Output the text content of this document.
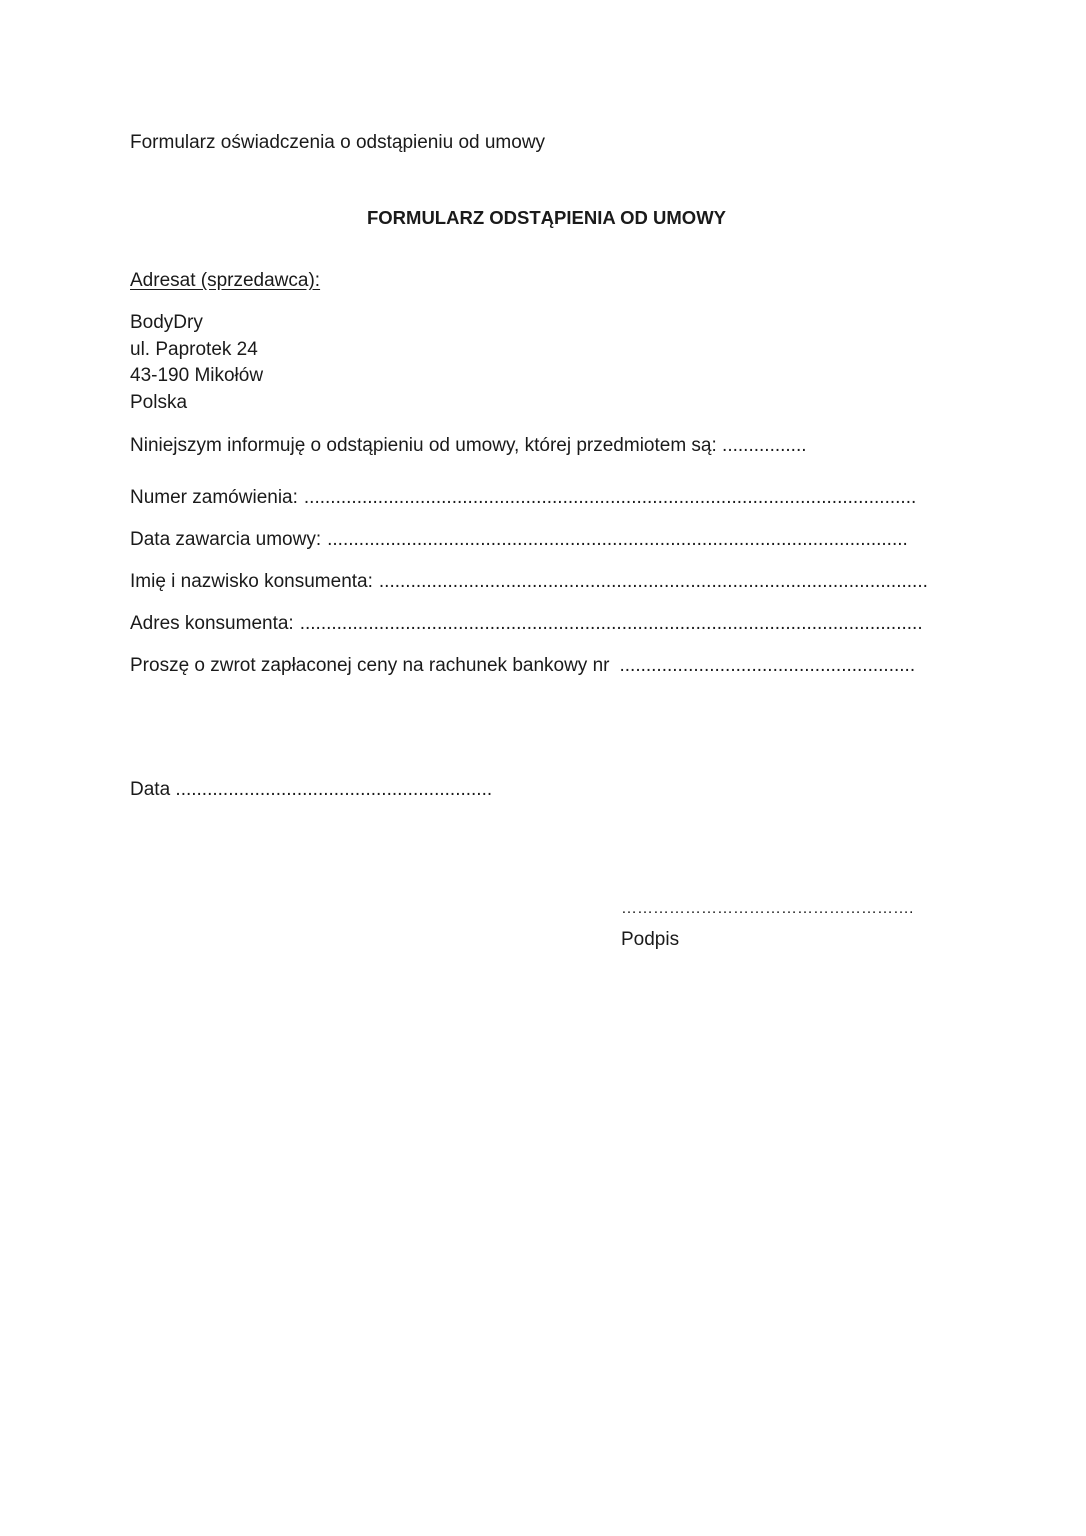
Formularz oświadczenia o odstąpieniu od umowy
FORMULARZ ODSTĄPIENIA OD UMOWY
Adresat (sprzedawca):
BodyDry
ul. Paprotek 24
43-190 Mikołów
Polska
Niniejszym informuję o odstąpieniu od umowy, której przedmiotem są: ................
Numer zamówienia: ....................................................................................................................
Data zawarcia umowy: ..............................................................................................................
Imię i nazwisko konsumenta: ........................................................................................................
Adres konsumenta: ......................................................................................................................
Proszę o zwrot zapłaconej ceny na rachunek bankowy nr ........................................................
Data ............................................................
……………………………………………….
Podpis
